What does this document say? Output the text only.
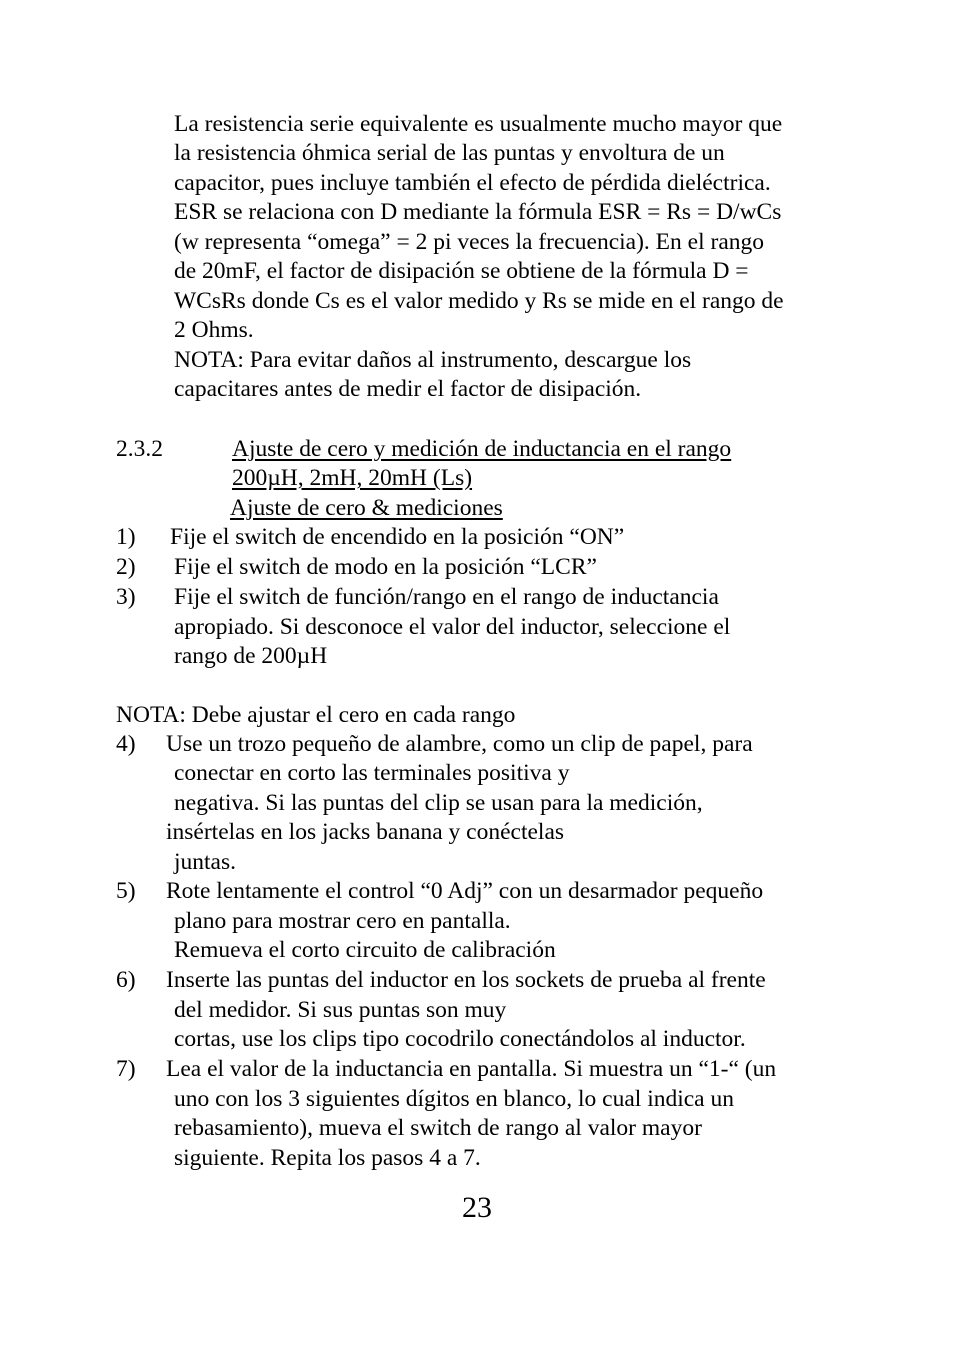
La resistencia serie equivalente es usualmente mucho mayor que
la resistencia óhmica serial de las puntas y envoltura de un
capacitor, pues incluye también el efecto de pérdida dieléctrica.
ESR se relaciona con D mediante la fórmula ESR = Rs = D/wCs
(w representa “omega” = 2 pi veces la frecuencia). En el rango
de 20mF, el factor de disipación se obtiene de la fórmula D =
WCsRs donde Cs es el valor medido y Rs se mide en el rango de
2 Ohms.
NOTA: Para evitar daños al instrumento, descargue los
capacitares antes de medir el factor de disipación.
2.3.2	Ajuste de cero y medición de inductancia en el rango
200µH, 2mH, 20mH (Ls)
Ajuste de cero & mediciones
1) Fije el switch de encendido en la posición “ON”
2) Fije el switch de modo en la posición “LCR”
3) Fije el switch de función/rango en el rango de inductancia
apropiado. Si desconoce el valor del inductor, seleccione el
rango de 200µH
NOTA: Debe ajustar el cero en cada rango
4) Use un trozo pequeño de alambre, como un clip de papel, para
conectar en corto las terminales positiva y
negativa. Si las puntas del clip se usan para la medición,
insértelas en los jacks banana y conéctelas
juntas.
5) Rote lentamente el control “0 Adj” con un desarmador pequeño
plano para mostrar cero en pantalla.
Remueva el corto circuito de calibración
6) Inserte las puntas del inductor en los sockets de prueba al frente
del medidor. Si sus puntas son muy
cortas, use los clips tipo cocodrilo conectándolos al inductor.
7) Lea el valor de la inductancia en pantalla. Si muestra un “1-“ (un
uno con los 3 siguientes dígitos en blanco, lo cual indica un
rebasamiento), mueva el switch de rango al valor mayor
siguiente. Repita los pasos 4 a 7.
23
